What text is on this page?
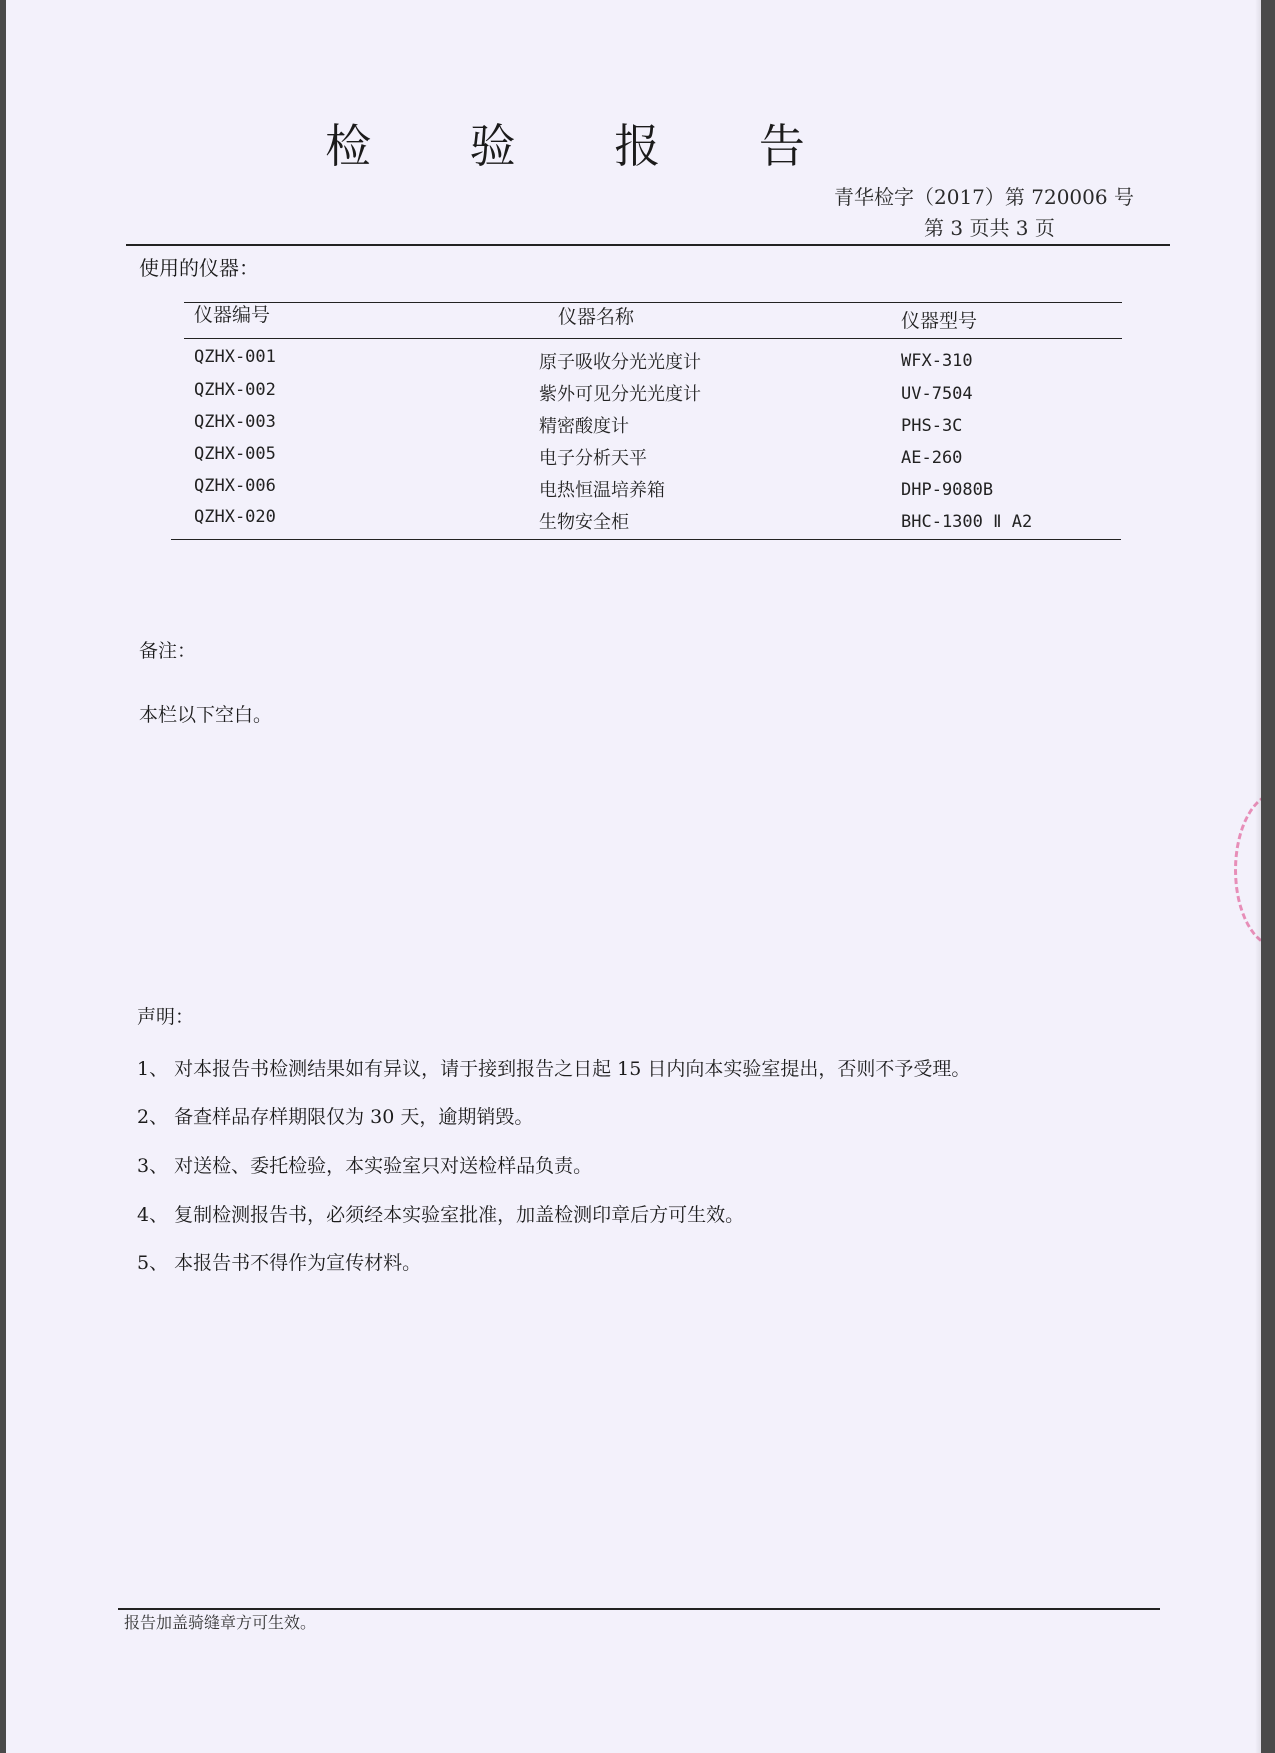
检 验 报 告
青华检字（2017）第 720006 号
第 3 页共 3 页
使用的仪器：
仪器编号	仪器名称	仪器型号
QZHX-001	原子吸收分光光度计	WFX-310
QZHX-002	紫外可见分光光度计	UV-7504
QZHX-003	精密酸度计	PHS-3C
QZHX-005	电子分析天平	AE-260
QZHX-006	电热恒温培养箱	DHP-9080B
QZHX-020	生物安全柜	BHC-1300 Ⅱ A2
备注：
本栏以下空白。
声明：
1、 对本报告书检测结果如有异议，请于接到报告之日起 15 日内向本实验室提出，否则不予受理。
2、 备查样品存样期限仅为 30 天，逾期销毁。
3、 对送检、委托检验，本实验室只对送检样品负责。
4、 复制检测报告书，必须经本实验室批准，加盖检测印章后方可生效。
5、 本报告书不得作为宣传材料。
报告加盖骑缝章方可生效。
